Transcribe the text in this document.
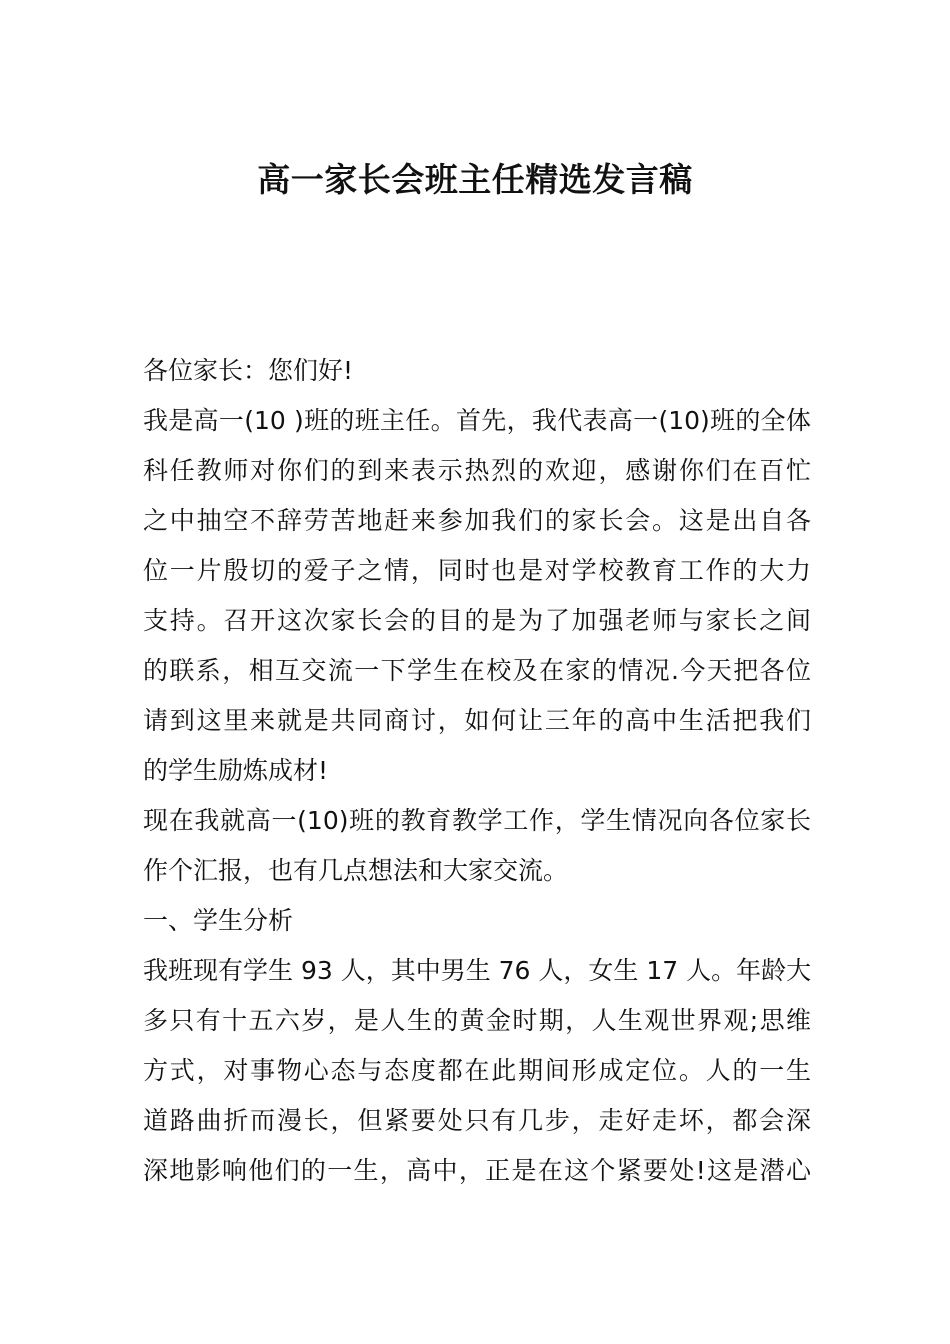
高一家长会班主任精选发言稿
各位家长：您们好!
我是高一(10 )班的班主任。首先，我代表高一(10)班的全体
科任教师对你们的到来表示热烈的欢迎，感谢你们在百忙
之中抽空不辞劳苦地赶来参加我们的家长会。这是出自各
位一片殷切的爱子之情，同时也是对学校教育工作的大力
支持。召开这次家长会的目的是为了加强老师与家长之间
的联系，相互交流一下学生在校及在家的情况.今天把各位
请到这里来就是共同商讨，如何让三年的高中生活把我们
的学生励炼成材!
现在我就高一(10)班的教育教学工作，学生情况向各位家长
作个汇报，也有几点想法和大家交流。
一、学生分析
我班现有学生 93 人，其中男生 76 人，女生 17 人。年龄大
多只有十五六岁，是人生的黄金时期，人生观世界观;思维
方式，对事物心态与态度都在此期间形成定位。人的一生
道路曲折而漫长，但紧要处只有几步，走好走坏，都会深
深地影响他们的一生，高中，正是在这个紧要处!这是潜心
